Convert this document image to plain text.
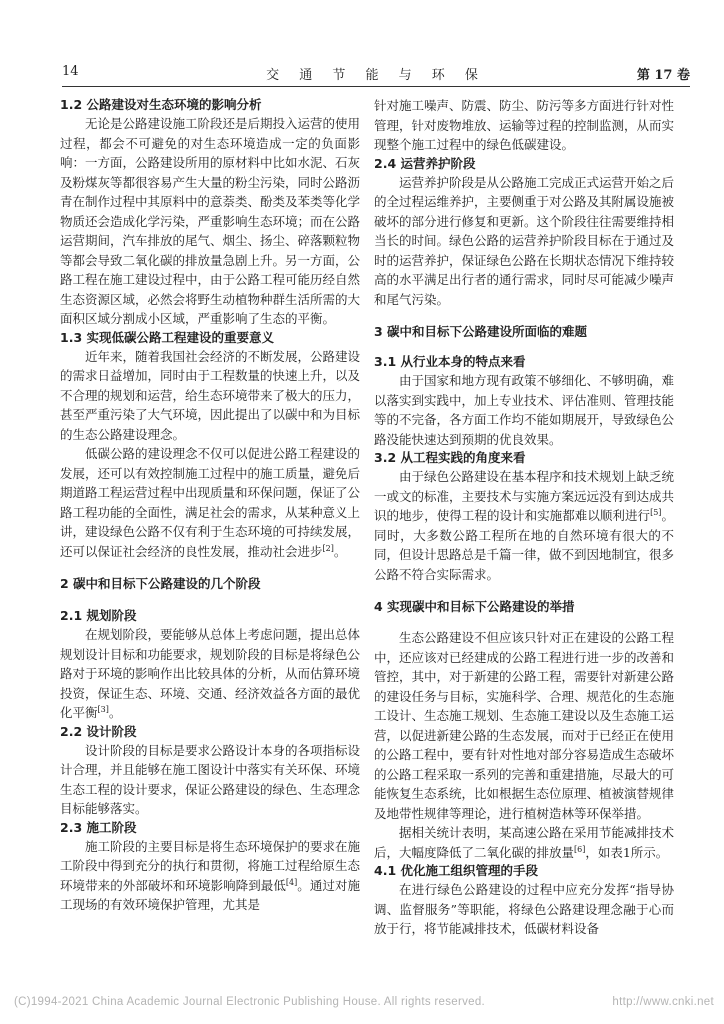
14	交 通 节 能 与 环 保	第 17 卷
1.2 公路建设对生态环境的影响分析

无论是公路建设施工阶段还是后期投入运营的使用过程，都会不可避免的对生态环境造成一定的负面影响：一方面，公路建设所用的原材料中比如水泥、石灰及粉煤灰等都很容易产生大量的粉尘污染，同时公路沥青在制作过程中其原料中的意萘类、酚类及苯类等化学物质还会造成化学污染，严重影响生态环境；而在公路运营期间，汽车排放的尾气、烟尘、扬尘、碎落颗粒物等都会导致二氧化碳的排放量急剧上升。另一方面，公路工程在施工建设过程中，由于公路工程可能历经自然生态资源区域，必然会将野生动植物种群生活所需的大面积区域分割成小区域，严重影响了生态的平衡。

1.3 实现低碳公路工程建设的重要意义

近年来，随着我国社会经济的不断发展，公路建设的需求日益增加，同时由于工程数量的快速上升，以及不合理的规划和运营，给生态环境带来了极大的压力，甚至严重污染了大气环境，因此提出了以碳中和为目标的生态公路建设理念。

低碳公路的建设理念不仅可以促进公路工程建设的发展，还可以有效控制施工过程中的施工质量，避免后期道路工程运营过程中出现质量和环保问题，保证了公路工程功能的全面性，满足社会的需求，从某种意义上讲，建设绿色公路不仅有利于生态环境的可持续发展，还可以保证社会经济的良性发展，推动社会进步[2]。

2 碳中和目标下公路建设的几个阶段
2.1 规划阶段

在规划阶段，要能够从总体上考虑问题，提出总体规划设计目标和功能要求，规划阶段的目标是将绿色公路对于环境的影响作出比较具体的分析，从而估算环境投资，保证生态、环境、交通、经济效益各方面的最优化平衡[3]。

2.2 设计阶段

设计阶段的目标是要求公路设计本身的各项指标设计合理，并且能够在施工图设计中落实有关环保、环境生态工程的设计要求，保证公路建设的绿色、生态理念目标能够落实。

2.3 施工阶段

施工阶段的主要目标是将生态环境保护的要求在施工阶段中得到充分的执行和贯彻，将施工过程给原生态环境带来的外部破坏和环境影响降到最低[4]。通过对施工现场的有效环境保护管理，尤其是

针对施工噪声、防震、防尘、防污等多方面进行针对性管理，针对废物堆放、运输等过程的控制监测，从而实现整个施工过程中的绿色低碳建设。

2.4 运营养护阶段

运营养护阶段是从公路施工完成正式运营开始之后的全过程运维养护，主要侧重于对公路及其附属设施被破坏的部分进行修复和更新。这个阶段往往需要维持相当长的时间。绿色公路的运营养护阶段目标在于通过及时的运营养护，保证绿色公路在长期状态情况下维持较高的水平满足出行者的通行需求，同时尽可能减少噪声和尾气污染。

3 碳中和目标下公路建设所面临的难题
3.1 从行业本身的特点来看

由于国家和地方现有政策不够细化、不够明确，难以落实到实践中，加上专业技术、评估准则、管理技能等的不完备，各方面工作均不能如期展开，导致绿色公路没能快速达到预期的优良效果。

3.2 从工程实践的角度来看

由于绿色公路建设在基本程序和技术规划上缺乏统一或文的标准，主要技术与实施方案远远没有到达成共识的地步，使得工程的设计和实施都难以顺利进行[5]。同时，大多数公路工程所在地的自然环境有很大的不同，但设计思路总是千篇一律，做不到因地制宜，很多公路不符合实际需求。

4 实现碳中和目标下公路建设的举措

生态公路建设不但应该只针对正在建设的公路工程中，还应该对已经建成的公路工程进行进一步的改善和管控，其中，对于新建的公路工程，需要针对新建公路的建设任务与目标，实施科学、合理、规范化的生态施工设计、生态施工规划、生态施工建设以及生态施工运营，以促进新建公路的生态发展，而对于已经正在使用的公路工程中，要有针对性地对部分容易造成生态破坏的公路工程采取一系列的完善和重建措施，尽最大的可能恢复生态系统，比如根据生态位原理、植被演替规律及地带性规律等理论，进行植树造林等环保举措。

据相关统计表明，某高速公路在采用节能减排技术后，大幅度降低了二氧化碳的排放量[6]，如表1所示。

4.1 优化施工组织管理的手段

在进行绿色公路建设的过程中应充分发挥“指导协调、监督服务”等职能，将绿色公路建设理念融于心而放于行，将节能减排技术，低碳材料设备

(C)1994-2021 China Academic Journal Electronic Publishing House. All rights reserved.	http://www.cnki.net
